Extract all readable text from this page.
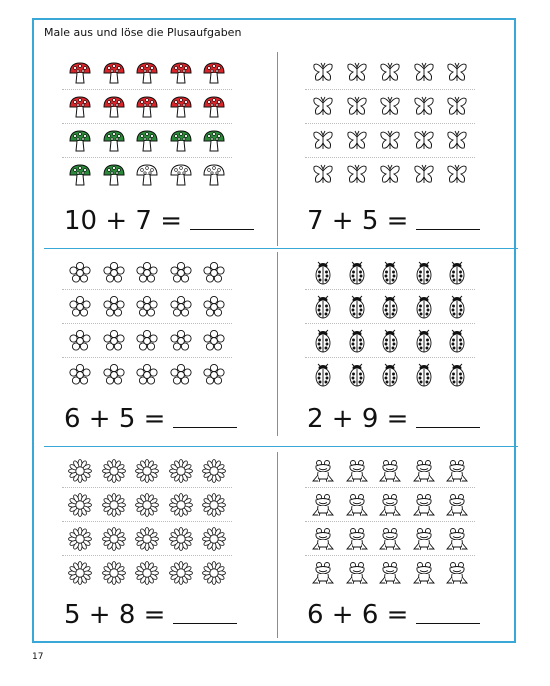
Male aus und löse die Plusaufgaben
10 + 7 =	7 + 5 =
6 + 5 =	2 + 9 =
5 + 8 =	6 + 6 =
17
